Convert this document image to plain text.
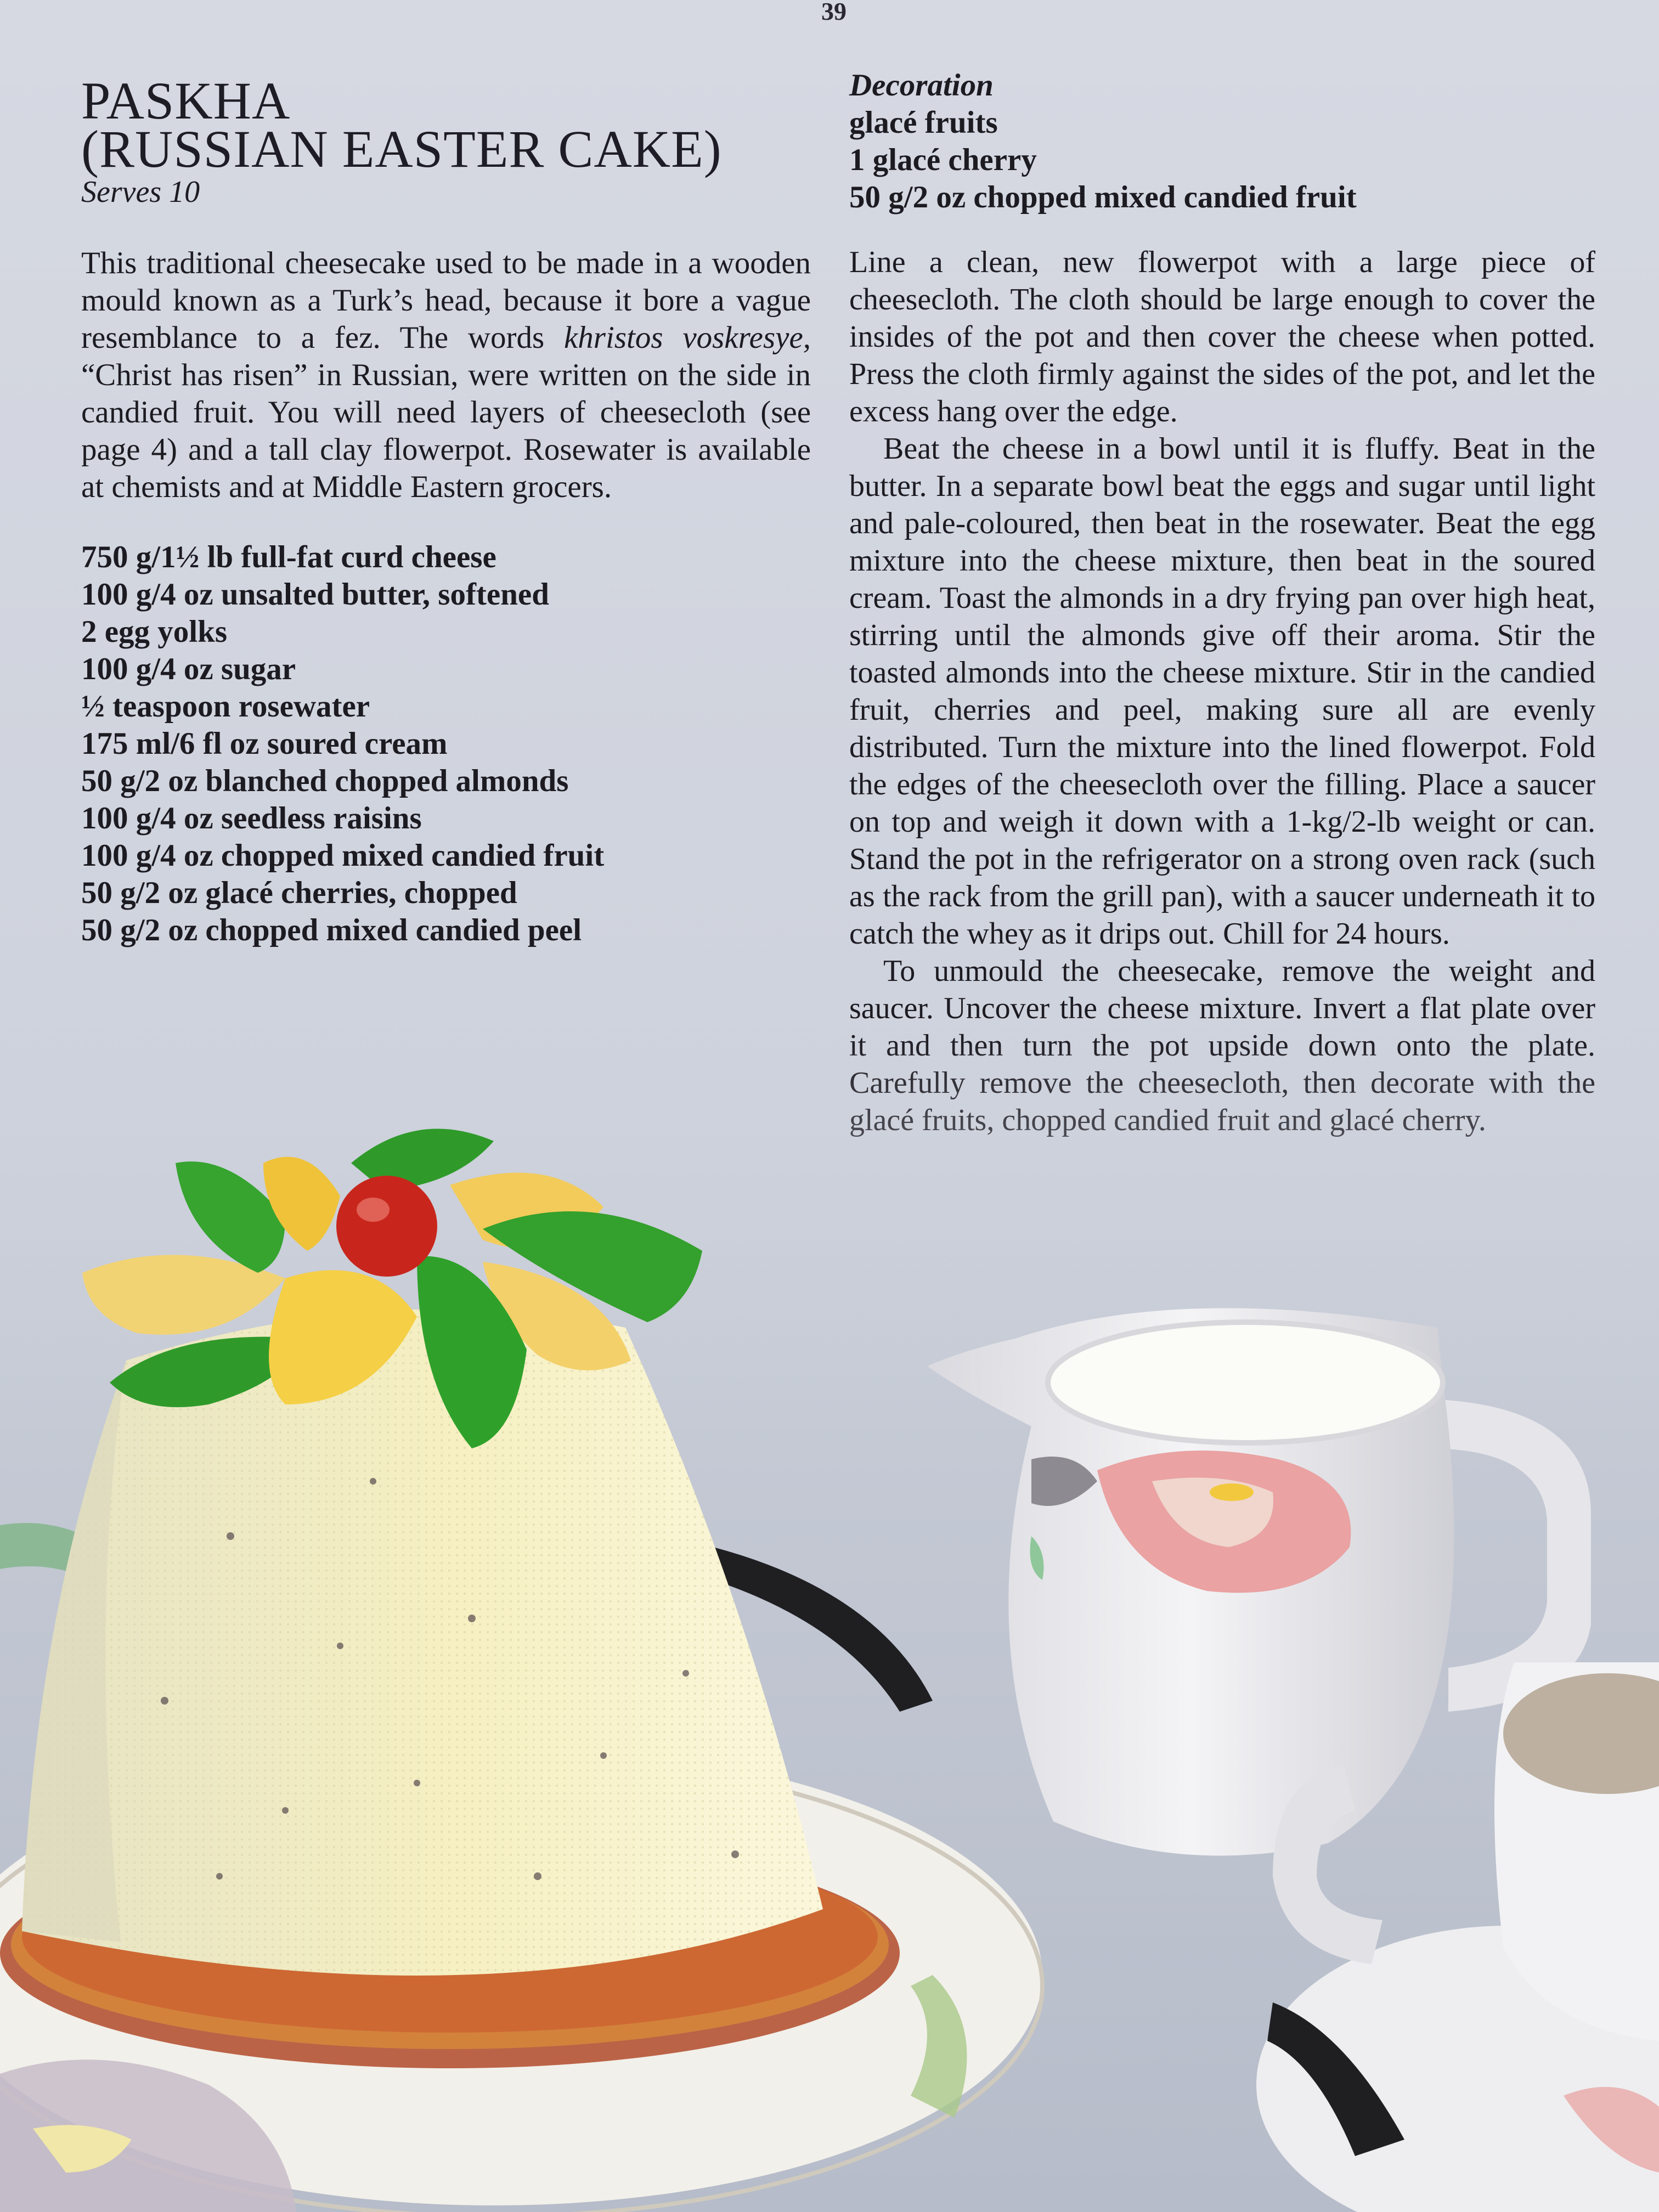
39
PASKHA
(RUSSIAN EASTER CAKE)
Serves 10

This traditional cheesecake used to be made in a wooden mould known as a Turk’s head, because it bore a vague resemblance to a fez. The words khristos voskresye, “Christ has risen” in Russian, were written on the side in candied fruit. You will need layers of cheesecloth (see page 4) and a tall clay flowerpot. Rosewater is available at chemists and at Middle Eastern grocers.

750 g/1½ lb full-fat curd cheese
100 g/4 oz unsalted butter, softened
2 egg yolks
100 g/4 oz sugar
½ teaspoon rosewater
175 ml/6 fl oz soured cream
50 g/2 oz blanched chopped almonds
100 g/4 oz seedless raisins
100 g/4 oz chopped mixed candied fruit
50 g/2 oz glacé cherries, chopped
50 g/2 oz chopped mixed candied peel
Decoration
glacé fruits
1 glacé cherry
50 g/2 oz chopped mixed candied fruit

Line a clean, new flowerpot with a large piece of cheesecloth. The cloth should be large enough to cover the insides of the pot and then cover the cheese when potted. Press the cloth firmly against the sides of the pot, and let the excess hang over the edge.

Beat the cheese in a bowl until it is fluffy. Beat in the butter. In a separate bowl beat the eggs and sugar until light and pale-coloured, then beat in the rosewater. Beat the egg mixture into the cheese mixture, then beat in the soured cream. Toast the almonds in a dry frying pan over high heat, stirring until the almonds give off their aroma. Stir the toasted almonds into the cheese mixture. Stir in the candied fruit, cherries and peel, making sure all are evenly distributed. Turn the mixture into the lined flowerpot. Fold the edges of the cheesecloth over the filling. Place a saucer on top and weigh it down with a 1-kg/2-lb weight or can. Stand the pot in the refrigerator on a strong oven rack (such as the rack from the grill pan), with a saucer underneath it to catch the whey as it drips out. Chill for 24 hours.

To unmould the cheesecake, remove the weight and saucer. Uncover the cheese mixture. Invert a flat plate over
